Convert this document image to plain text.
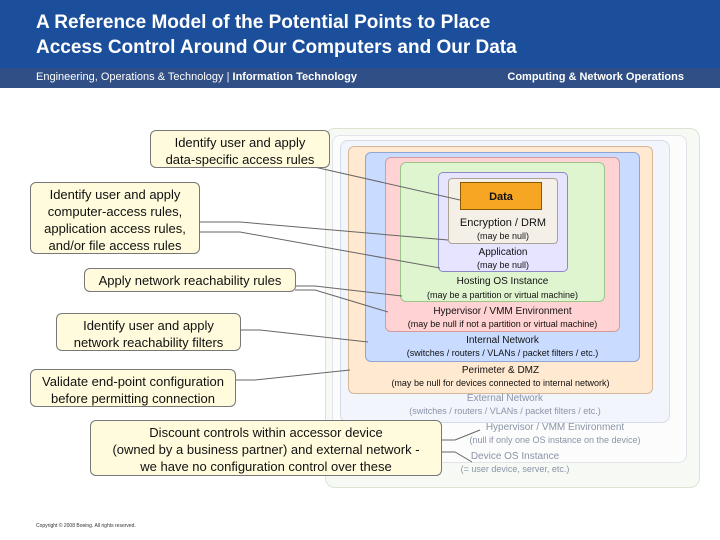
A Reference Model of the Potential Points to Place
Access Control Around Our Computers and Our Data
Engineering, Operations & Technology | Information Technology	Computing & Network Operations
Data
Encryption / DRM
(may be null)
Application
(may be null)
Hosting OS Instance
(may be a partition or virtual machine)
Hypervisor / VMM Environment
(may be null if not a partition or virtual machine)
Internal Network
(switches / routers / VLANs / packet filters / etc.)
Perimeter & DMZ
(may be null for devices connected to internal network)
External Network
(switches / routers / VLANs / packet filters / etc.)
Hypervisor / VMM Environment
(null if only one OS instance on the device)
Device OS Instance
(= user device, server, etc.)
Identify user and apply
data-specific access rules
Identify user and apply
computer-access rules,
application access rules,
and/or file access rules
Apply network reachability rules
Identify user and apply
network reachability filters
Validate end-point configuration
before permitting connection
Discount controls within accessor device
(owned by a business partner) and external network -
we have no configuration control over these
Copyright © 2008 Boeing. All rights reserved.
